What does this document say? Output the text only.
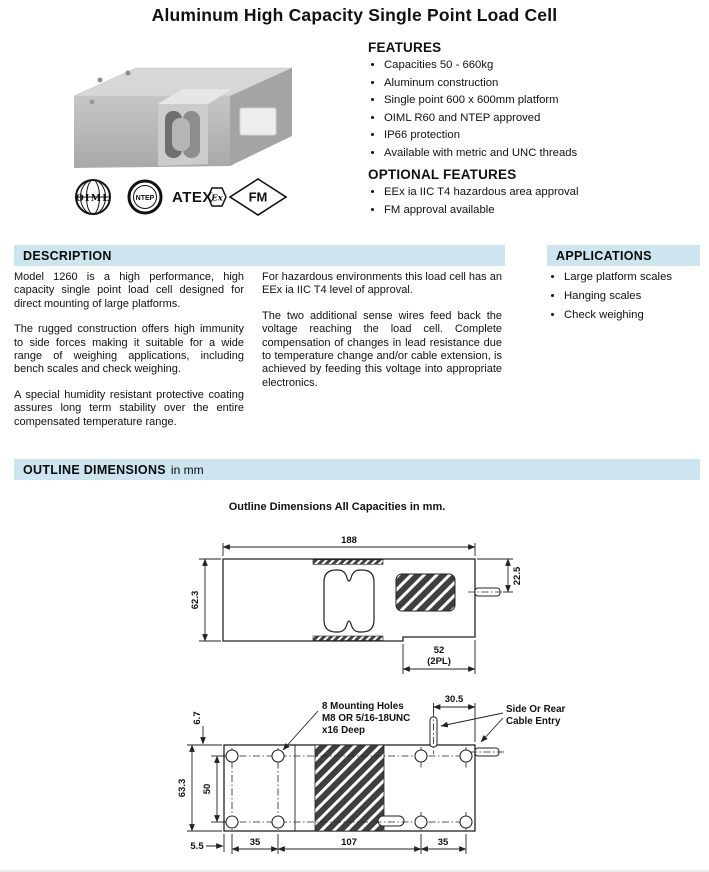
Aluminum High Capacity Single Point Load Cell
OIML	NTEP ATEX
Ex FM
FEATURES
• Capacities 50 - 660kg
• Aluminum construction
• Single point 600 x 600mm platform
• OIML R60 and NTEP approved
• IP66 protection
• Available with metric and UNC threads
OPTIONAL FEATURES
• EEx ia IIC T4 hazardous area approval
• FM approval available
DESCRIPTION	APPLICATIONS

Model 1260 is a high performance, high capacity single point load cell designed for direct mounting of large platforms.

The rugged construction offers high immunity to side forces making it suitable for a wide range of weighing applications, including bench scales and check weighing.

A special humidity resistant protective coating assures long term stability over the entire compensated temperature range.

For hazardous environments this load cell has an EEx ia IIC T4 level of approval.

The two additional sense wires feed back the voltage reaching the load cell. Complete compensation of changes in lead resistance due to temperature change and/or cable extension, is achieved by feeding this voltage into appropriate electronics.

• Large platform scales
• Hanging scales
• Check weighing
OUTLINE DIMENSIONS in mm
Outline Dimensions All Capacities in mm.
188
62.3
22.5
52
(2PL)
30.5
8 Mounting Holes
M8 OR 5/16-18UNC
x16 Deep
Side Or Rear
Cable Entry
6.7
63.3 50
5.5	35	107	35
